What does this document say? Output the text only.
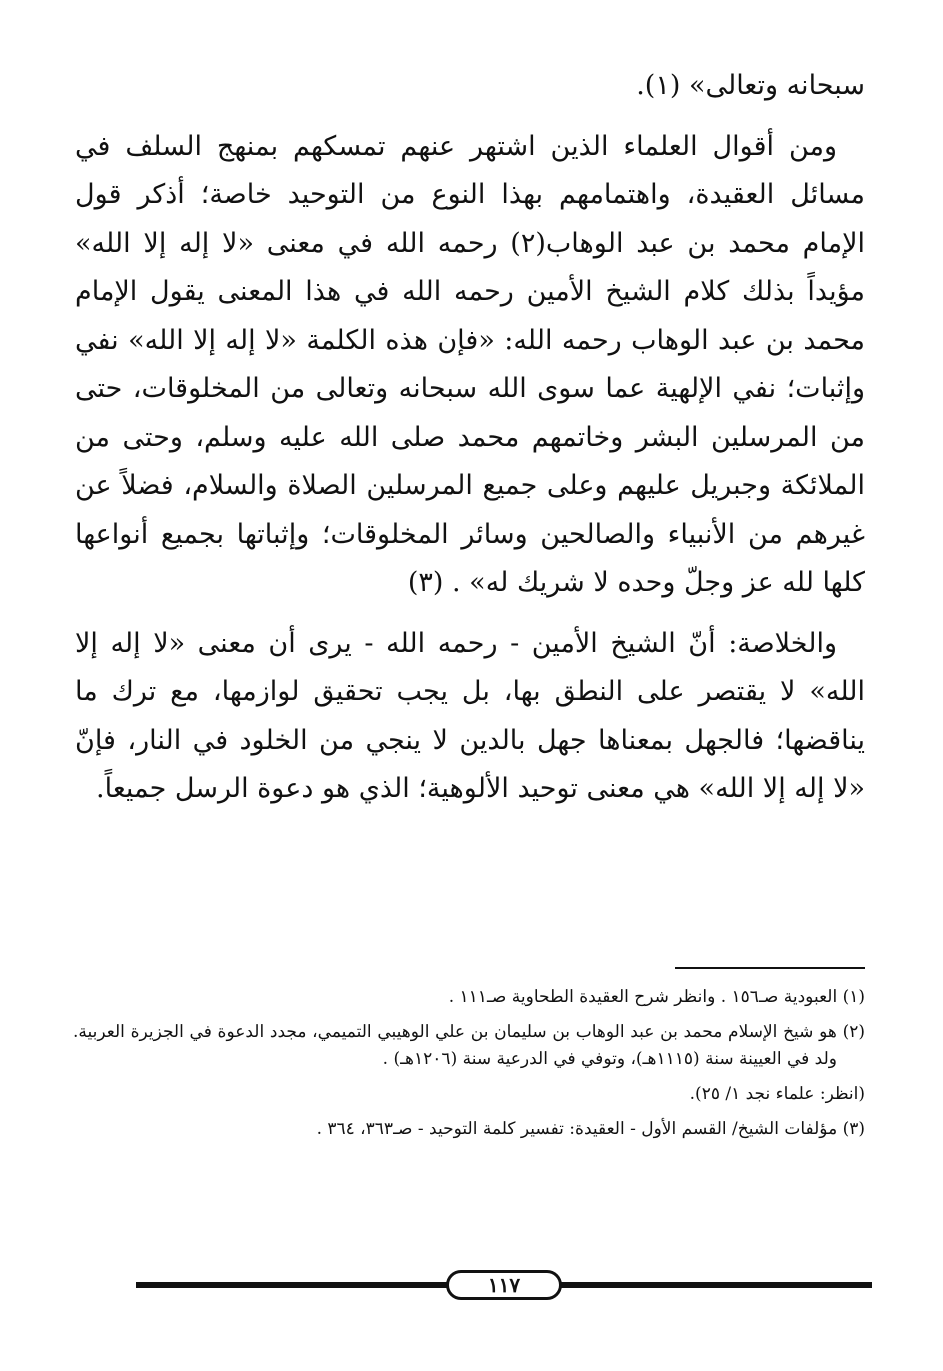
سبحانه وتعالى» (١).

ومن أقوال العلماء الذين اشتهر عنهم تمسكهم بمنهج السلف في مسائل العقيدة، واهتمامهم بهذا النوع من التوحيد خاصة؛ أذكر قول الإمام محمد بن عبد الوهاب(٢) رحمه الله في معنى «لا إله إلا الله» مؤيداً بذلك كلام الشيخ الأمين رحمه الله في هذا المعنى يقول الإمام محمد بن عبد الوهاب رحمه الله: «فإن هذه الكلمة «لا إله إلا الله» نفي وإثبات؛ نفي الإلهية عما سوى الله سبحانه وتعالى من المخلوقات، حتى من المرسلين البشر وخاتمهم محمد صلى الله عليه وسلم، وحتى من الملائكة وجبريل عليهم وعلى جميع المرسلين الصلاة والسلام، فضلاً عن غيرهم من الأنبياء والصالحين وسائر المخلوقات؛ وإثباتها بجميع أنواعها كلها لله عز وجلّ وحده لا شريك له» . (٣)

والخلاصة: أنّ الشيخ الأمين - رحمه الله - يرى أن معنى «لا إله إلا الله» لا يقتصر على النطق بها، بل يجب تحقيق لوازمها، مع ترك ما يناقضها؛ فالجهل بمعناها جهل بالدين لا ينجي من الخلود في النار، فإنّ «لا إله إلا الله» هي معنى توحيد الألوهية؛ الذي هو دعوة الرسل جميعاً.

(١) العبودية صـ١٥٦ . وانظر شرح العقيدة الطحاوية صـ١١١ .

(٢) هو شيخ الإسلام محمد بن عبد الوهاب بن سليمان بن علي الوهيبي التميمي، مجدد الدعوة في الجزيرة العربية. ولد في العيينة سنة (١١١٥هـ)، وتوفي في الدرعية سنة (١٢٠٦هـ) .

(انظر: علماء نجد ١/ ٢٥).

(٣) مؤلفات الشيخ/ القسم الأول - العقيدة: تفسير كلمة التوحيد - صـ٣٦٣، ٣٦٤ .

١١٧
